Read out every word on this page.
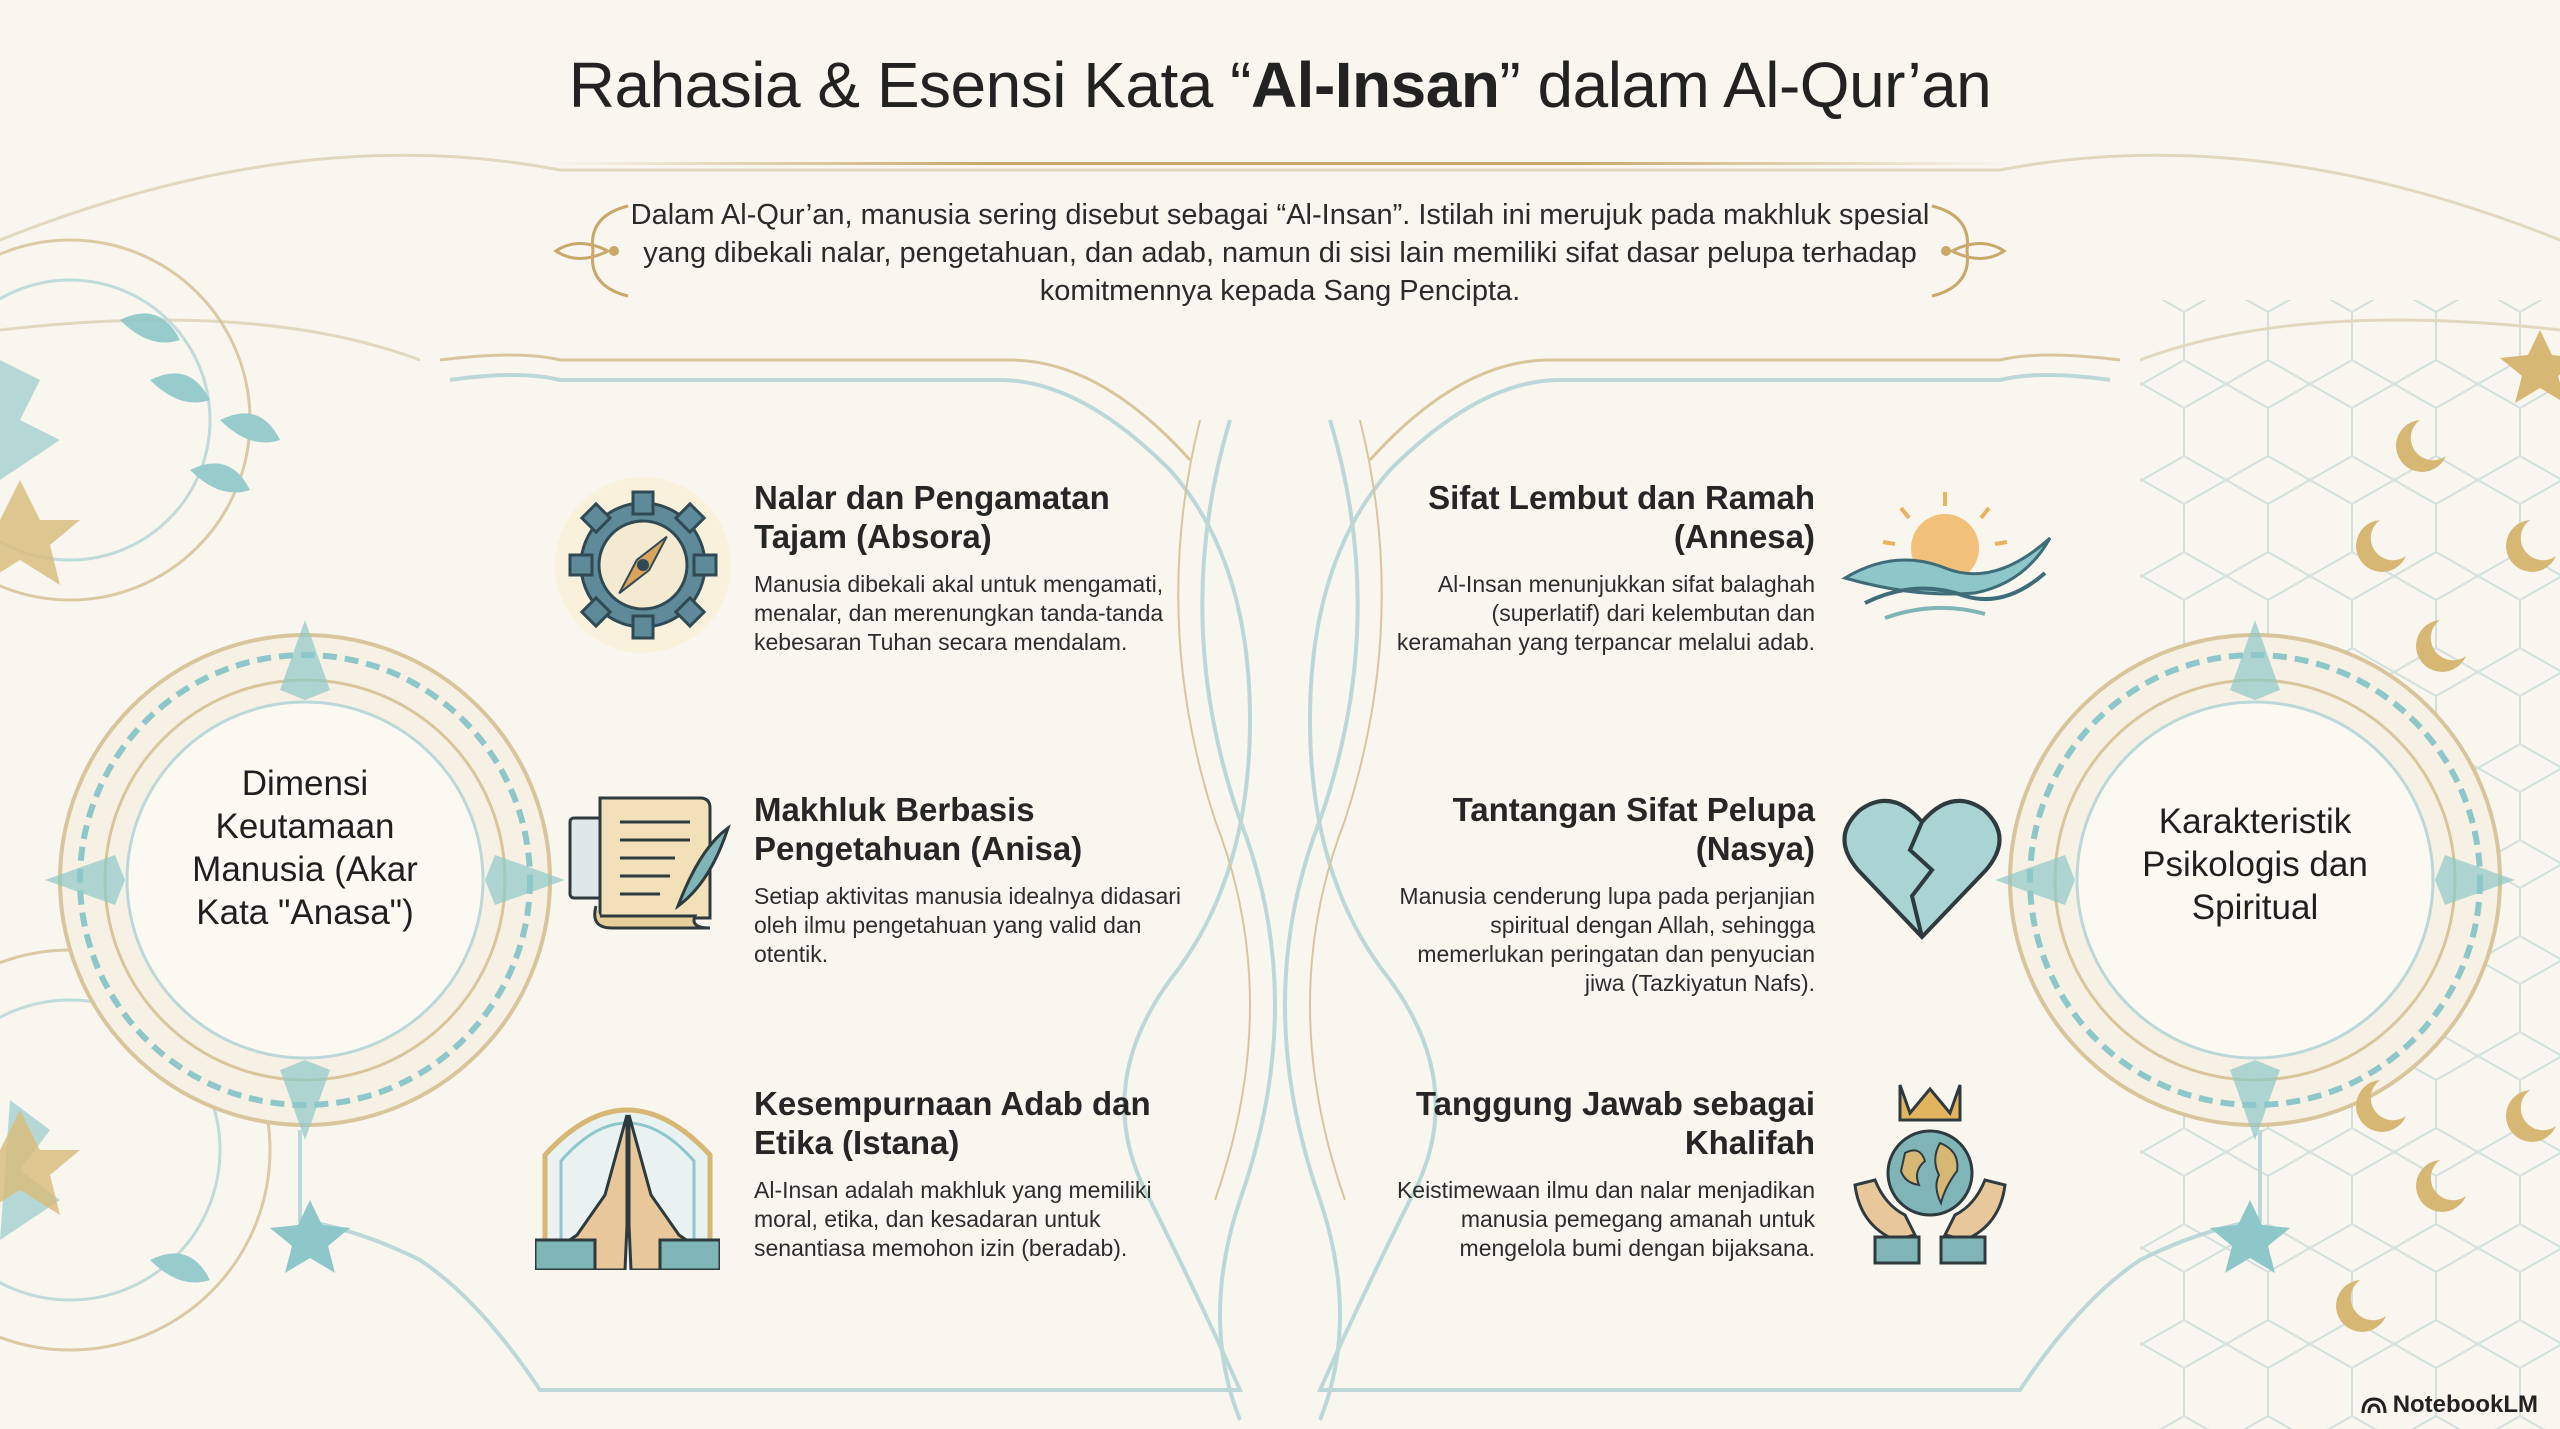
Rahasia & Esensi Kata “Al-Insan” dalam Al-Qur’an
Dalam Al-Qur’an, manusia sering disebut sebagai “Al-Insan”. Istilah ini merujuk pada makhluk spesial yang dibekali nalar, pengetahuan, dan adab, namun di sisi lain memiliki sifat dasar pelupa terhadap komitmennya kepada Sang Pencipta.
Dimensi Keutamaan Manusia (Akar Kata "Anasa")
Karakteristik Psikologis dan Spiritual
Nalar dan Pengamatan Tajam (Absora)

Manusia dibekali akal untuk mengamati, menalar, dan merenungkan tanda-tanda kebesaran Tuhan secara mendalam.

Makhluk Berbasis Pengetahuan (Anisa)

Setiap aktivitas manusia idealnya didasari oleh ilmu pengetahuan yang valid dan otentik.

Kesempurnaan Adab dan Etika (Istana)

Al-Insan adalah makhluk yang memiliki moral, etika, dan kesadaran untuk senantiasa memohon izin (beradab).

Sifat Lembut dan Ramah (Annesa)

Al-Insan menunjukkan sifat balaghah (superlatif) dari kelembutan dan keramahan yang terpancar melalui adab.

Tantangan Sifat Pelupa (Nasya)

Manusia cenderung lupa pada perjanjian spiritual dengan Allah, sehingga memerlukan peringatan dan penyucian jiwa (Tazkiyatun Nafs).

Tanggung Jawab sebagai Khalifah

Keistimewaan ilmu dan nalar menjadikan manusia pemegang amanah untuk mengelola bumi dengan bijaksana.

NotebookLM
